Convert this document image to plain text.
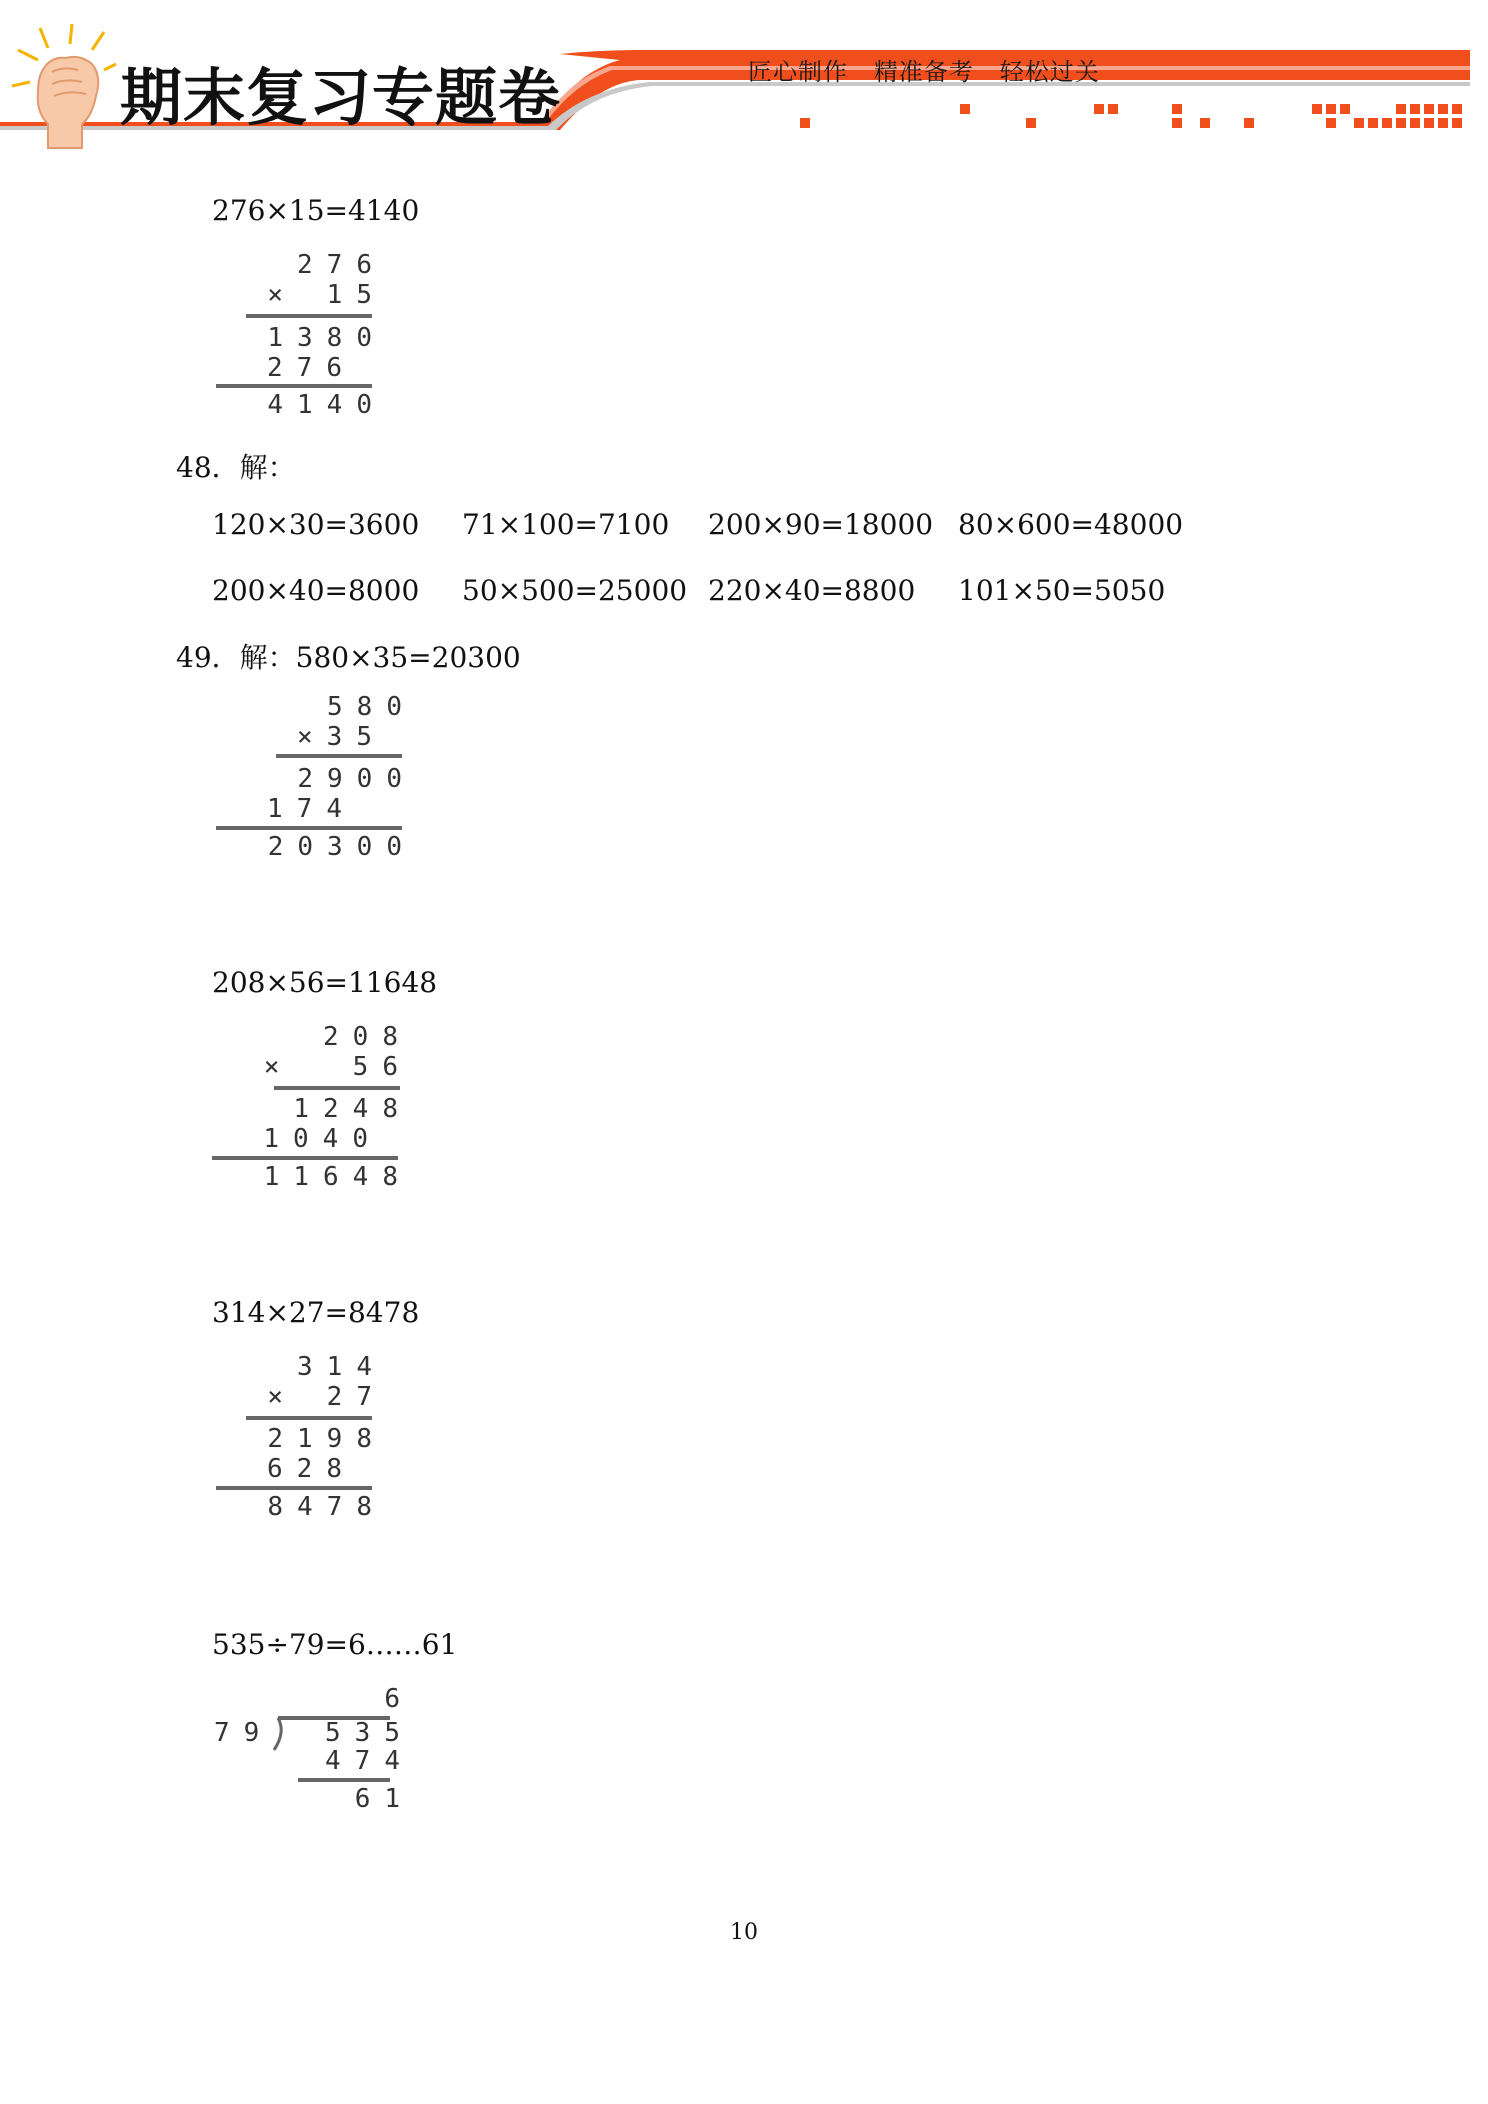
期末复习专题卷	匠心制作   精准备考   轻松过关
276×15=4140
276
× 15
1380
276
4140
48．解：
120×30=3600 71×100=7100 200×90=18000 80×600=48000
200×40=8000 50×500=25000 220×40=8800 101×50=5050
49．解：580×35=20300
580
×35
2900
174
20300
208×56=11648
208
×  56
1248
1040
11648
314×27=8478
314
× 27
2198
628
8478
535÷79=6……61
6
79 535
474
61
10
